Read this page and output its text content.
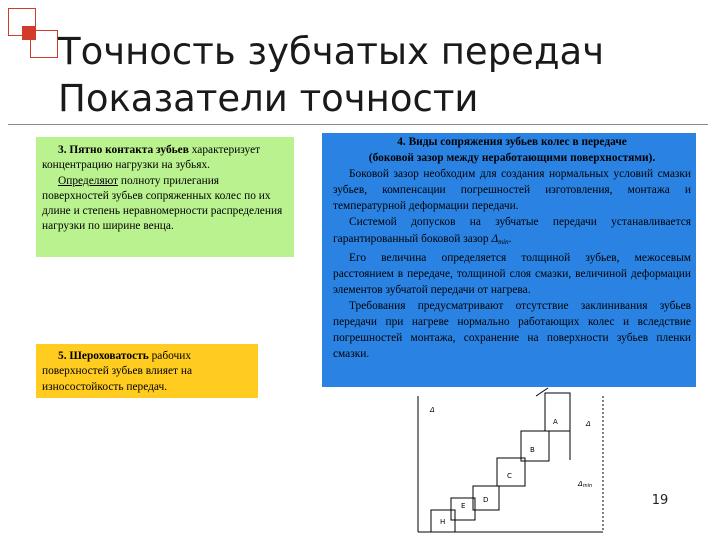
Точность зубчатых передач
Показатели точности

3. Пятно контакта зубьев характеризует концентрацию нагрузки на зубьях.

Определяют полноту прилегания поверхностей зубьев сопряженных колес по их длине и степень неравномерности распределения нагрузки по ширине венца.

5. Шероховатость рабочих поверхностей зубьев влияет на износостойкость передач.

4. Виды сопряжения зубьев колес в передаче

(боковой зазор между неработающими поверхностями).

Боковой зазор необходим для создания нормальных условий смазки зубьев, компенсации погрешностей изготовления, монтажа и температурной деформации передачи.

Системой допусков на зубчатые передачи устанавливается гарантированный боковой зазор $\Delta_{min}$.

Его величина определяется толщиной зубьев, межосевым расстоянием в передаче, толщиной слоя смазки, величиной деформации элементов зубчатой передачи от нагрева.

Требования предусматривают отсутствие заклинивания зубьев передачи при нагреве нормально работающих колес и вследствие погрешностей монтажа, сохранение на поверхности зубьев пленки смазки.

Δ
Δ
Δmin
A
B
C
D
E
H
19
